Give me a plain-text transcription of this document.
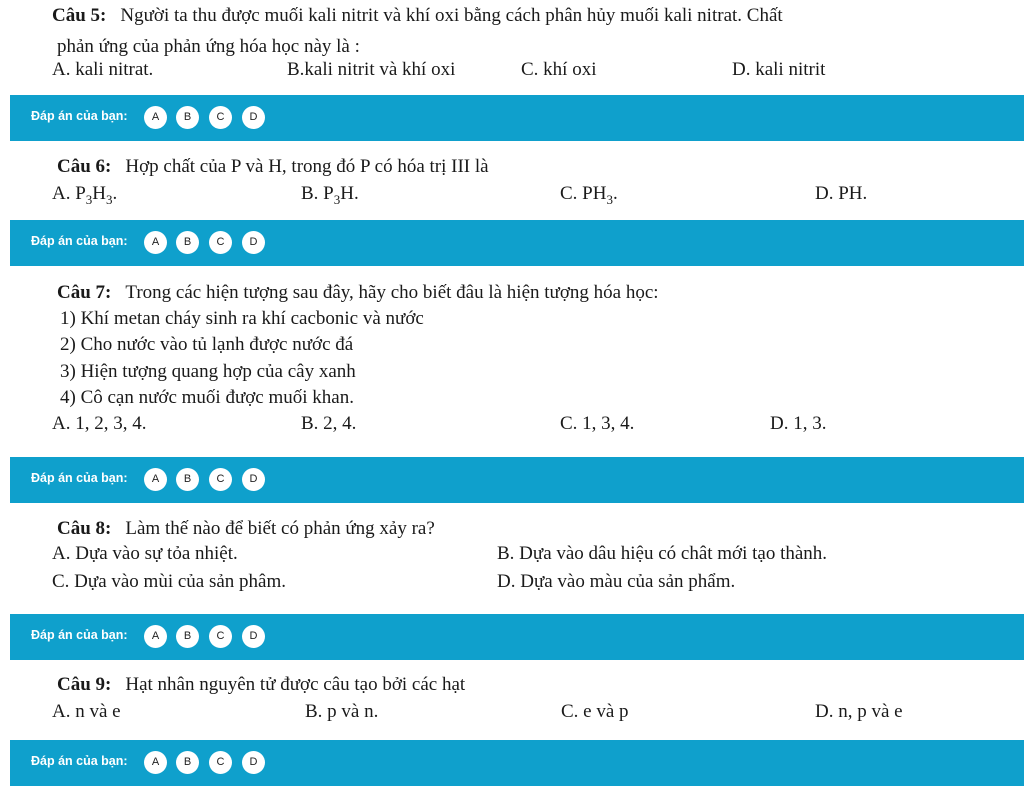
Câu 5: Người ta thu được muối kali nitrit và khí oxi bằng cách phân hủy muối kali nitrat. Chất
phản ứng của phản ứng hóa học này là :
A. kali nitrat.	B.kali nitrit và khí oxi	C. khí oxi	D. kali nitrit
Đáp án của bạn:	A	B	C	D
Câu 6: Hợp chất của P và H, trong đó P có hóa trị III là
A. $P_3H_3$.	B. $P_3H$.	C. $PH_3$.	D. PH.
Đáp án của bạn:	A	B	C	D
Câu 7: Trong các hiện tượng sau đây, hãy cho biết đâu là hiện tượng hóa học:
1) Khí metan cháy sinh ra khí cacbonic và nước
2) Cho nước vào tủ lạnh được nước đá
3) Hiện tượng quang hợp của cây xanh
4) Cô cạn nước muối được muối khan.
A. 1, 2, 3, 4.	B. 2, 4.	C. 1, 3, 4.	D. 1, 3.
Đáp án của bạn:	A	B	C	D
Câu 8: Làm thế nào để biết có phản ứng xảy ra?
A. Dựa vào sự tỏa nhiệt.	B. Dựa vào dâu hiệu có chât mới tạo thành.
C. Dựa vào mùi của sản phâm.	D. Dựa vào màu của sản phẩm.
Đáp án của bạn:	A	B	C	D
Câu 9: Hạt nhân nguyên tử được câu tạo bởi các hạt
A. n và e	B. p và n.	C. e và p	D. n, p và e
Đáp án của bạn:	A	B	C	D
